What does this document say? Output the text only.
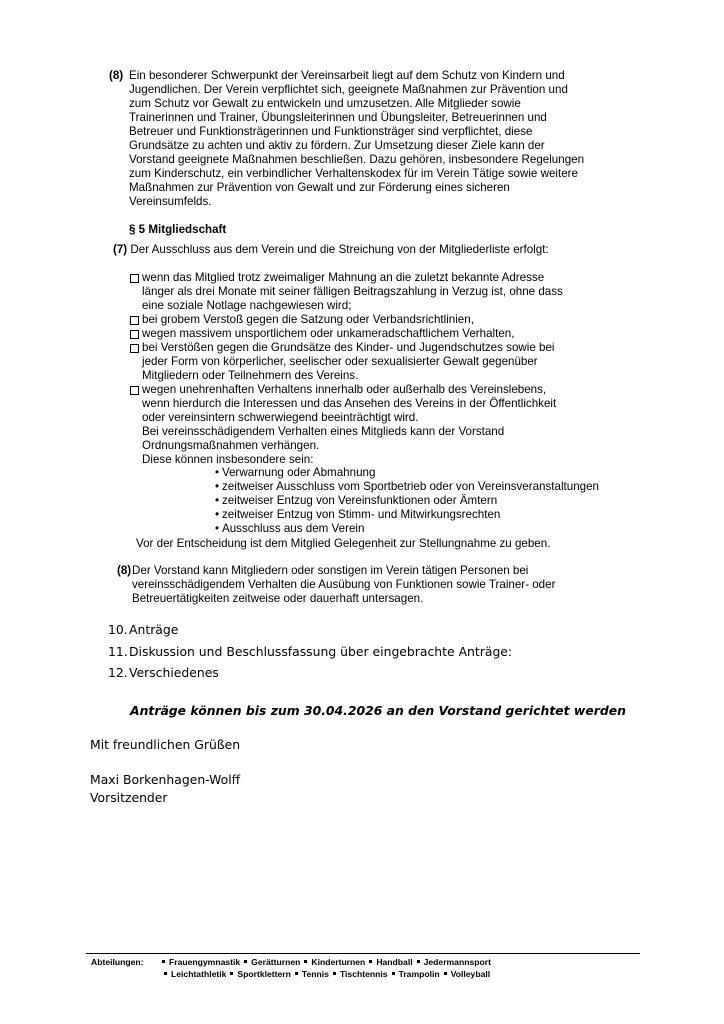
(8) Ein besonderer Schwerpunkt der Vereinsarbeit liegt auf dem Schutz von Kindern und
Jugendlichen. Der Verein verpflichtet sich, geeignete Maßnahmen zur Prävention und
zum Schutz vor Gewalt zu entwickeln und umzusetzen. Alle Mitglieder sowie
Trainerinnen und Trainer, Übungsleiterinnen und Übungsleiter, Betreuerinnen und
Betreuer und Funktionsträgerinnen und Funktionsträger sind verpflichtet, diese
Grundsätze zu achten und aktiv zu fördern. Zur Umsetzung dieser Ziele kann der
Vorstand geeignete Maßnahmen beschließen. Dazu gehören, insbesondere Regelungen
zum Kinderschutz, ein verbindlicher Verhaltenskodex für im Verein Tätige sowie weitere
Maßnahmen zur Prävention von Gewalt und zur Förderung eines sicheren
Vereinsumfelds.
§ 5 Mitgliedschaft
(7) Der Ausschluss aus dem Verein und die Streichung von der Mitgliederliste erfolgt:
wenn das Mitglied trotz zweimaliger Mahnung an die zuletzt bekannte Adresse
länger als drei Monate mit seiner fälligen Beitragszahlung in Verzug ist, ohne dass
eine soziale Notlage nachgewiesen wird;
bei grobem Verstoß gegen die Satzung oder Verbandsrichtlinien,
wegen massivem unsportlichem oder unkameradschaftlichem Verhalten,
bei Verstößen gegen die Grundsätze des Kinder- und Jugendschutzes sowie bei
jeder Form von körperlicher, seelischer oder sexualisierter Gewalt gegenüber
Mitgliedern oder Teilnehmern des Vereins.
wegen unehrenhaften Verhaltens innerhalb oder außerhalb des Vereinslebens,
wenn hierdurch die Interessen und das Ansehen des Vereins in der Öffentlichkeit
oder vereinsintern schwerwiegend beeinträchtigt wird.
Bei vereinsschädigendem Verhalten eines Mitglieds kann der Vorstand
Ordnungsmaßnahmen verhängen.
Diese können insbesondere sein:
• Verwarnung oder Abmahnung
• zeitweiser Ausschluss vom Sportbetrieb oder von Vereinsveranstaltungen
• zeitweiser Entzug von Vereinsfunktionen oder Ämtern
• zeitweiser Entzug von Stimm- und Mitwirkungsrechten
• Ausschluss aus dem Verein
Vor der Entscheidung ist dem Mitglied Gelegenheit zur Stellungnahme zu geben.
(8) Der Vorstand kann Mitgliedern oder sonstigen im Verein tätigen Personen bei
vereinsschädigendem Verhalten die Ausübung von Funktionen sowie Trainer- oder
Betreuertätigkeiten zeitweise oder dauerhaft untersagen.
10.Anträge
11.Diskussion und Beschlussfassung über eingebrachte Anträge:
12.Verschiedenes
Anträge können bis zum 30.04.2026 an den Vorstand gerichtet werden
Mit freundlichen Grüßen
Maxi Borkenhagen-Wolff
Vorsitzender
Abteilungen:	Frauengymnastik Gerätturnen Kinderturnen Handball Jedermannsport
Leichtathletik Sportklettern Tennis Tischtennis Trampolin Volleyball
